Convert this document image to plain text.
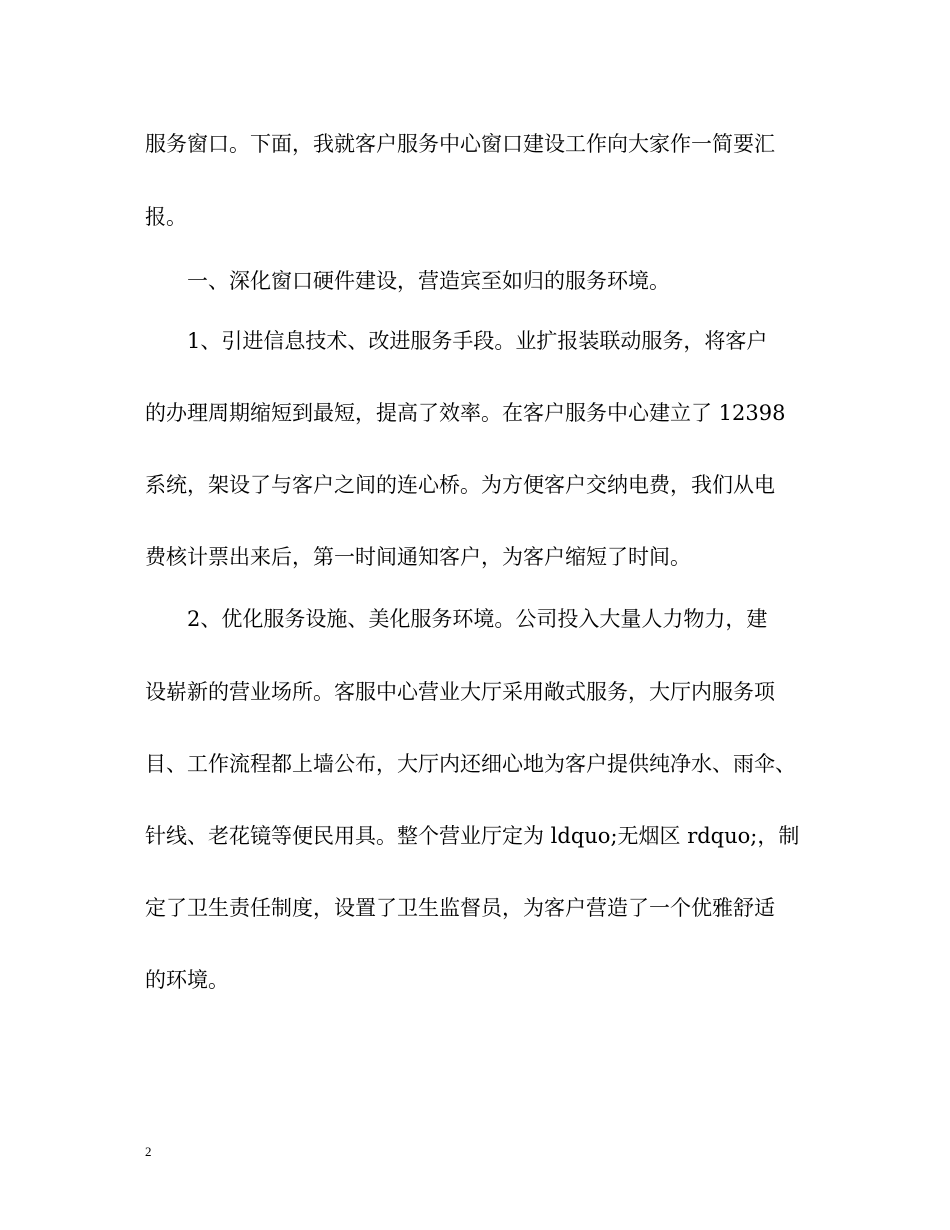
服务窗口。下面，我就客户服务中心窗口建设工作向大家作一简要汇
报。
一、深化窗口硬件建设，营造宾至如归的服务环境。
1、引进信息技术、改进服务手段。业扩报装联动服务，将客户
的办理周期缩短到最短，提高了效率。在客户服务中心建立了 12398
系统，架设了与客户之间的连心桥。为方便客户交纳电费，我们从电
费核计票出来后，第一时间通知客户，为客户缩短了时间。
2、优化服务设施、美化服务环境。公司投入大量人力物力，建
设崭新的营业场所。客服中心营业大厅采用敞式服务，大厅内服务项
目、工作流程都上墙公布，大厅内还细心地为客户提供纯净水、雨伞、
针线、老花镜等便民用具。整个营业厅定为 ldquo;无烟区 rdquo;，制
定了卫生责任制度，设置了卫生监督员，为客户营造了一个优雅舒适
的环境。
2
